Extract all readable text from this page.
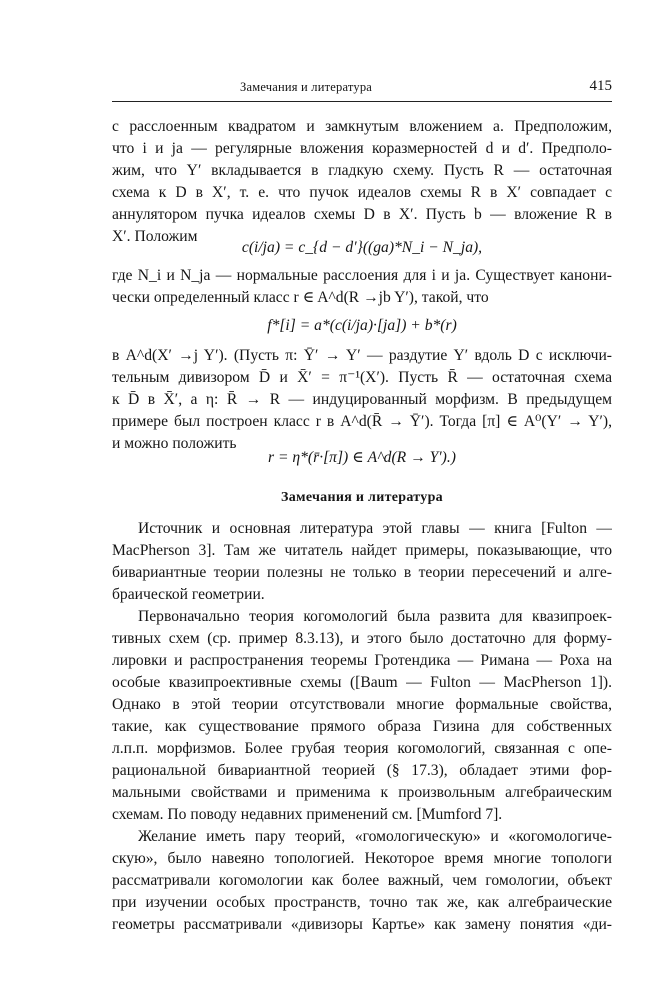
Замечания и литература	415
с расслоенным квадратом и замкнутым вложением a. Предположим,
что i и ja — регулярные вложения коразмерностей d и d′. Предполо-
жим, что Y′ вкладывается в гладкую схему. Пусть R — остаточная
схема к D в X′, т. е. что пучок идеалов схемы R в X′ совпадает с
аннулятором пучка идеалов схемы D в X′. Пусть b — вложение R в
X′. Положим
c(i/ja) = c_{d − d′}((ga)*N_i − N_ja),
где N_i и N_ja — нормальные расслоения для i и ja. Существует канони-
чески определенный класс r ∈ A^d(R →jb Y′), такой, что
f*[i] = a*(c(i/ja)·[ja]) + b*(r)
в A^d(X′ →j Y′). (Пусть π: Ȳ′ → Y′ — раздутие Y′ вдоль D с исключи-
тельным дивизором D̄ и X̄′ = π⁻¹(X′). Пусть R̄ — остаточная схема
к D̄ в X̄′, а η: R̄ → R — индуцированный морфизм. В предыдущем
примере был построен класс r в A^d(R̄ → Ȳ′). Тогда [π] ∈ A⁰(Y′ → Y′),
и можно положить
r = η*(r̄·[π]) ∈ A^d(R → Y′).)
Замечания и литература
Источник и основная литература этой главы — книга [Fulton —
MacPherson 3]. Там же читатель найдет примеры, показывающие, что
бивариантные теории полезны не только в теории пересечений и алге-
браической геометрии.
Первоначально теория когомологий была развита для квазипроек-
тивных схем (ср. пример 8.3.13), и этого было достаточно для форму-
лировки и распространения теоремы Гротендика — Римана — Роха на
особые квазипроективные схемы ([Baum — Fulton — MacPherson 1]).
Однако в этой теории отсутствовали многие формальные свойства,
такие, как существование прямого образа Гизина для собственных
л.п.п. морфизмов. Более грубая теория когомологий, связанная с опе-
рациональной бивариантной теорией (§ 17.3), обладает этими фор-
мальными свойствами и применима к произвольным алгебраическим
схемам. По поводу недавних применений см. [Mumford 7].
Желание иметь пару теорий, «гомологическую» и «когомологиче-
скую», было навеяно топологией. Некоторое время многие топологи
рассматривали когомологии как более важный, чем гомологии, объект
при изучении особых пространств, точно так же, как алгебраические
геометры рассматривали «дивизоры Картье» как замену понятия «ди-
